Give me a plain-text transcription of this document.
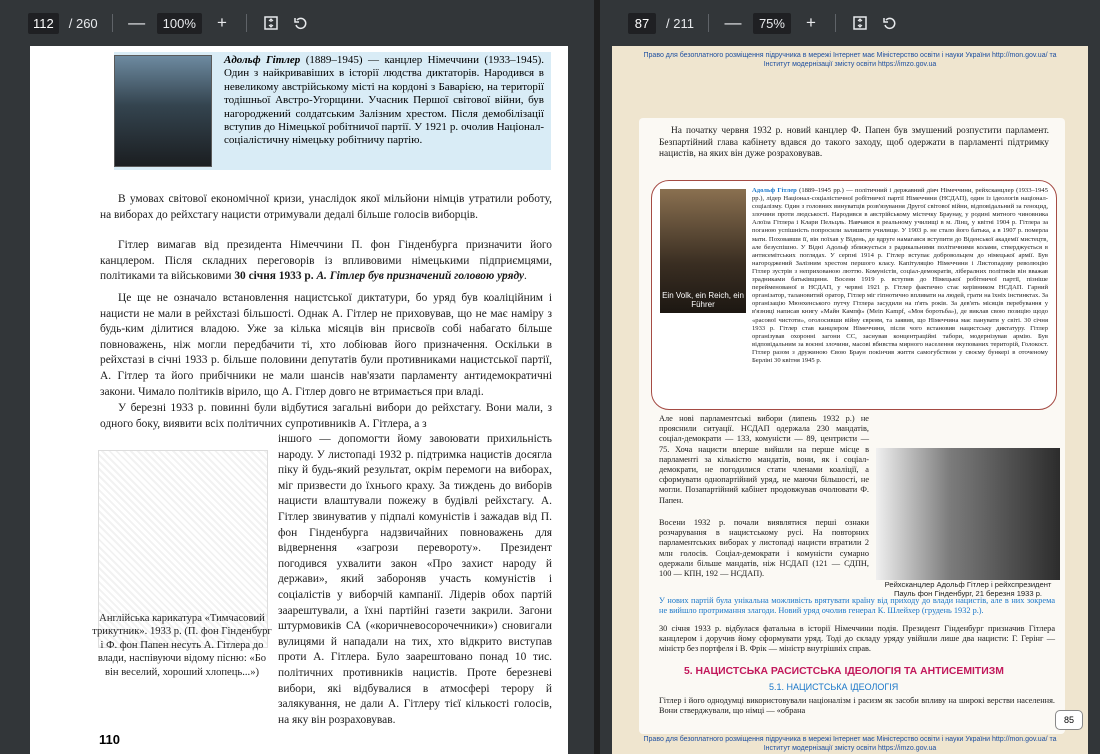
112	/ 260 —	100%	+
Адольф Гітлер (1889–1945) — канцлер Німеччини (1933–1945). Один з найкривавіших в історії людства диктаторів. Народився в невеликому австрійському місті на кордоні з Баварією, на території тодішньої Австро-Угорщини. Учасник Першої світової війни, був нагороджений солдатським Залізним хрестом. Після демобілізації вступив до Німецької робітничої партії. У 1921 р. очолив Націонал-соціалістичну німецьку робітничу партію.

В умовах світової економічної кризи, унаслідок якої мільйони німців утратили роботу, на виборах до рейхстагу нацисти отримували дедалі більше голосів виборців.

Гітлер вимагав від президента Німеччини П. фон Гінденбурга призначити його канцлером. Після складних переговорів із впливовими німецькими підприємцями, політиками та військовими 30 січня 1933 р. А. Гітлер був призначений головою уряду.

Це ще не означало встановлення нацистської диктатури, бо уряд був коаліційним і нацисти не мали в рейхстазі більшості. Однак А. Гітлер не приховував, що не має наміру з будь-ким ділитися владою. Уже за кілька місяців він присвоїв собі набагато більше повноважень, ніж могли передбачити ті, хто лобіював його призначення. Оскільки в рейхстазі в січні 1933 р. більше половини депутатів були противниками нацистської партії, А. Гітлер та його прибічники не мали шансів нав'язати парламенту антидемократичні закони. Чимало політиків вірило, що А. Гітлер довго не втримається при владі.

У березні 1933 р. повинні були відбутися загальні вибори до рейхстагу. Вони мали, з одного боку, виявити всіх політичних супротивників А. Гітлера, а з

іншого — допомогти йому завоювати прихильність народу. У листопаді 1932 р. підтримка нацистів досягла піку й будь-який результат, окрім перемоги на виборах, міг призвести до їхнього краху. За тиждень до виборів нацисти влаштували пожежу в будівлі рейхстагу. А. Гітлер звинуватив у підпалі комуністів і зажадав від П. фон Гінденбурга надзвичайних повноважень для відвернення «загрози перевороту». Президент погодився ухвалити закон «Про захист народу й держави», який забороняв участь комуністів і соціалістів у виборчій кампанії. Лідерів обох партій заарештували, а їхні партійні газети закрили. Загони штурмовиків СА («коричневосорочечники») сновигали вулицями й нападали на тих, хто відкрито виступав проти А. Гітлера. Було заарештовано понад 10 тис. політичних противників нацистів. Проте березневі вибори, які відбувалися в атмосфері терору й залякування, не дали А. Гітлеру тієї кількості голосів, на яку він розраховував.

Англійська карикатура «Тимчасовий трикутник». 1933 р. (П. фон Гінденбург і Ф. фон Папен несуть А. Гітлера до влади, наспівуючи відому пісню: «Бо він веселий, хороший хлопець...»)
110
87	/ 211 —	75%	+
Право для безоплатного розміщення підручника в мережі Інтернет має Міністерство освіти і науки України http://mon.gov.ua/ та Інститут модернізації змісту освіти https://imzo.gov.ua

На початку червня 1932 р. новий канцлер Ф. Папен був змушений розпустити парламент. Безпартійний глава кабінету вдався до такого заходу, щоб одержати в парламенті підтримку нацистів, на яких він дуже розраховував.

Ein Volk, ein Reich, ein Führer

Адольф Гітлер (1889–1945 рр.) — політичний і державний діяч Німеччини, рейхсканцлер (1933–1945 рр.), лідер Націонал-соціалістичної робітничої партії Німеччини (НСДАП), один із ідеологів націонал-соціалізму. Один з головних винуватців розв'язування Другої світової війни, відповідальний за геноцид, злочини проти людськості. Народився в австрійському містечку Браунау, у родині митного чиновника Алоїза Гітлера і Клари Пельцль. Навчався в реальному училищі в м. Лінц, у квітні 1904 р. Гітлера за поганою успішність попросили залишити училище. У 1903 р. не стало його батька, а в 1907 р. померла мати. Поховавши її, він поїхав у Відень, де вдруге намагався вступити до Віденської академії мистецтв, але безуспішно. У Відні Адольф зближується з радикальними політичними колами, стверджується в антисемітських поглядах. У серпні 1914 р. Гітлер вступає добровольцем до німецької армії. Був нагороджений Залізним хрестом першого класу. Капітуляцію Німеччини і Листопадову революцію Гітлер зустрів з неприхованою люттю. Комуністів, соціал-демократів, лібералних політиків він вважав зрадниками батьківщини. Восени 1919 р. вступив до Німецької робітничої партії, пізніше перейменованої в НСДАП, у червні 1921 р. Гітлер фактично стає керівником НСДАП. Гарний організатор, талановитий оратор, Гітлер міг гіпнотично впливати на людей, грати на їхніх інстинктах. За організацію Мюнхенського путчу Гітлера засудили на п'ять років. За дев'ять місяців перебування у в'язниці написав книгу «Майн Кампф» (Mein Kampf, «Моя боротьба»), де виклав свою позицію щодо «расової чистоти», оголосивши війну євреям, та заявив, що Німеччина має панувати у світі. 30 січня 1933 р. Гітлер став канцлером Німеччини, після чого встановив нацистську диктатуру. Гітлер організував охоронні загони СС, заснував концентраційні табори, модернізував армію. Був відповідальним за воєнні злочини, масові вбивства мирного населення окупованих територій, Голокост. Гітлер разом з дружиною Євою Браун покінчив життя самогубством у своєму бункері в оточеному Берліні 30 квітня 1945 р.

Але нові парламентські вибори (липень 1932 р.) не прояснили ситуації. НСДАП одержала 230 мандатів, соціал-демократи — 133, комуністи — 89, центристи — 75. Хоча нацисти вперше вийшли на перше місце в парламенті за кількістю мандатів, вони, як і соціал-демократи, не погодилися стати членами коаліції, а сформувати однопартійний уряд, не маючи більшості, не могли. Позапартійний кабінет продовжував очолювати Ф. Папен.

Восени 1932 р. почали виявлятися перші ознаки розчарування в нацистському русі. На повторних парламентських виборах у листопаді нацисти втратили 2 млн голосів. Соціал-демократи і комуністи сумарно одержали більше мандатів, ніж НСДАП (121 — СДПН, 100 — КПН, 192 — НСДАП).

Рейхсканцлер Адольф Гітлер і рейхспрезидент Пауль фон Гінденбург, 21 березня 1933 р.

У нових партій була унікальна можливість врятувати країну від приходу до влади нацистів, але в них зокрема не вийшло протримання злагоди. Новий уряд очолив генерал К. Шлейхер (грудень 1932 р.).

30 січня 1933 р. відбулася фатальна в історії Німеччини подія. Президент Гінденбург призначив Гітлера канцлером і доручив йому сформувати уряд. Тоді до складу уряду увійшли лише два нацисти: Г. Герінг — міністр без портфеля і В. Фрік — міністр внутрішніх справ.

5. НАЦИСТСЬКА РАСИСТСЬКА ІДЕОЛОГІЯ ТА АНТИСЕМІТИЗМ
5.1. НАЦИСТСЬКА ІДЕОЛОГІЯ

Гітлер і його однодумці використовували націоналізм і расизм як засоби впливу на широкі верстви населення. Вони стверджували, що німці — «обрана

85
Право для безоплатного розміщення підручника в мережі Інтернет має Міністерство освіти і науки України http://mon.gov.ua/ та Інститут модернізації змісту освіти https://imzo.gov.ua
